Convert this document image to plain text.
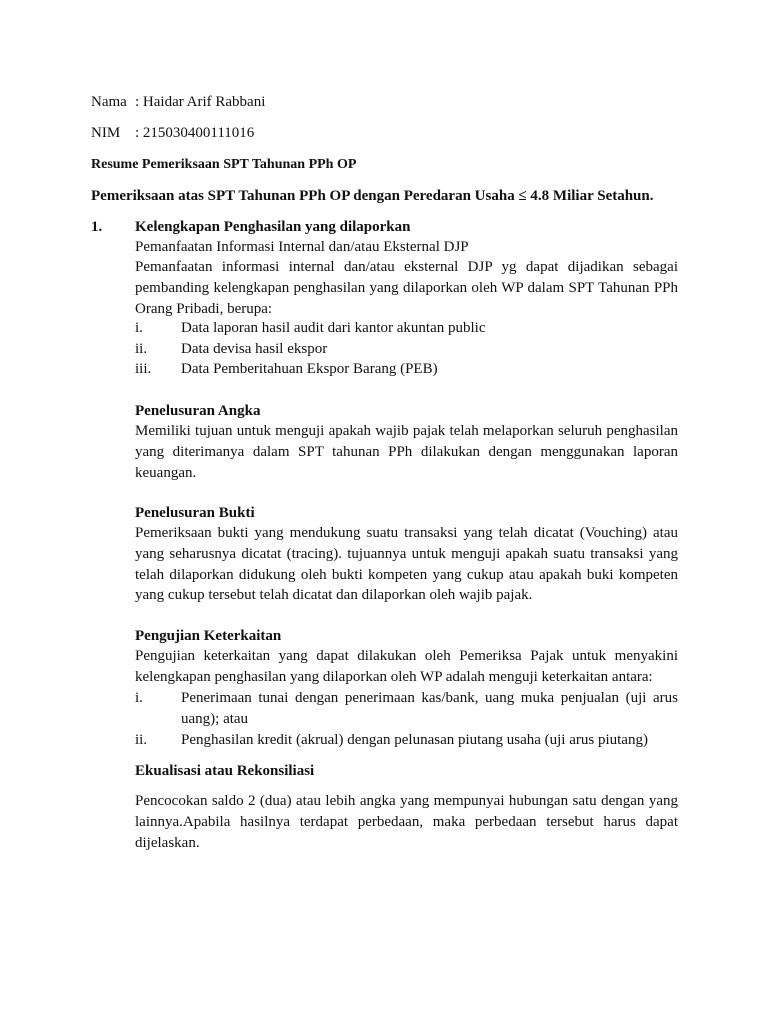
Nama : Haidar Arif Rabbani
NIM : 215030400111016
Resume Pemeriksaan SPT Tahunan PPh OP
Pemeriksaan atas SPT Tahunan PPh OP dengan Peredaran Usaha ≤ 4.8 Miliar Setahun.
1. Kelengkapan Penghasilan yang dilaporkan
Pemanfaatan Informasi Internal dan/atau Eksternal DJP
Pemanfaatan informasi internal dan/atau eksternal DJP yg dapat dijadikan sebagai pembanding kelengkapan penghasilan yang dilaporkan oleh WP dalam SPT Tahunan PPh Orang Pribadi, berupa:
i.	Data laporan hasil audit dari kantor akuntan public
ii. Data devisa hasil ekspor
iii. Data Pemberitahuan Ekspor Barang (PEB)
Penelusuran Angka
Memiliki tujuan untuk menguji apakah wajib pajak telah melaporkan seluruh penghasilan yang diterimanya dalam SPT tahunan PPh dilakukan dengan menggunakan laporan keuangan.
Penelusuran Bukti
Pemeriksaan bukti yang mendukung suatu transaksi yang telah dicatat (Vouching) atau yang seharusnya dicatat (tracing). tujuannya untuk menguji apakah suatu transaksi yang telah dilaporkan didukung oleh bukti kompeten yang cukup atau apakah buki kompeten yang cukup tersebut telah dicatat dan dilaporkan oleh wajib pajak.
Pengujian Keterkaitan
Pengujian keterkaitan yang dapat dilakukan oleh Pemeriksa Pajak untuk menyakini kelengkapan penghasilan yang dilaporkan oleh WP adalah menguji keterkaitan antara:
i.	Penerimaan tunai dengan penerimaan kas/bank, uang muka penjualan (uji arus uang); atau
ii. Penghasilan kredit (akrual) dengan pelunasan piutang usaha (uji arus piutang)
Ekualisasi atau Rekonsiliasi
Pencocokan saldo 2 (dua) atau lebih angka yang mempunyai hubungan satu dengan yang lainnya.Apabila hasilnya terdapat perbedaan, maka perbedaan tersebut harus dapat dijelaskan.
